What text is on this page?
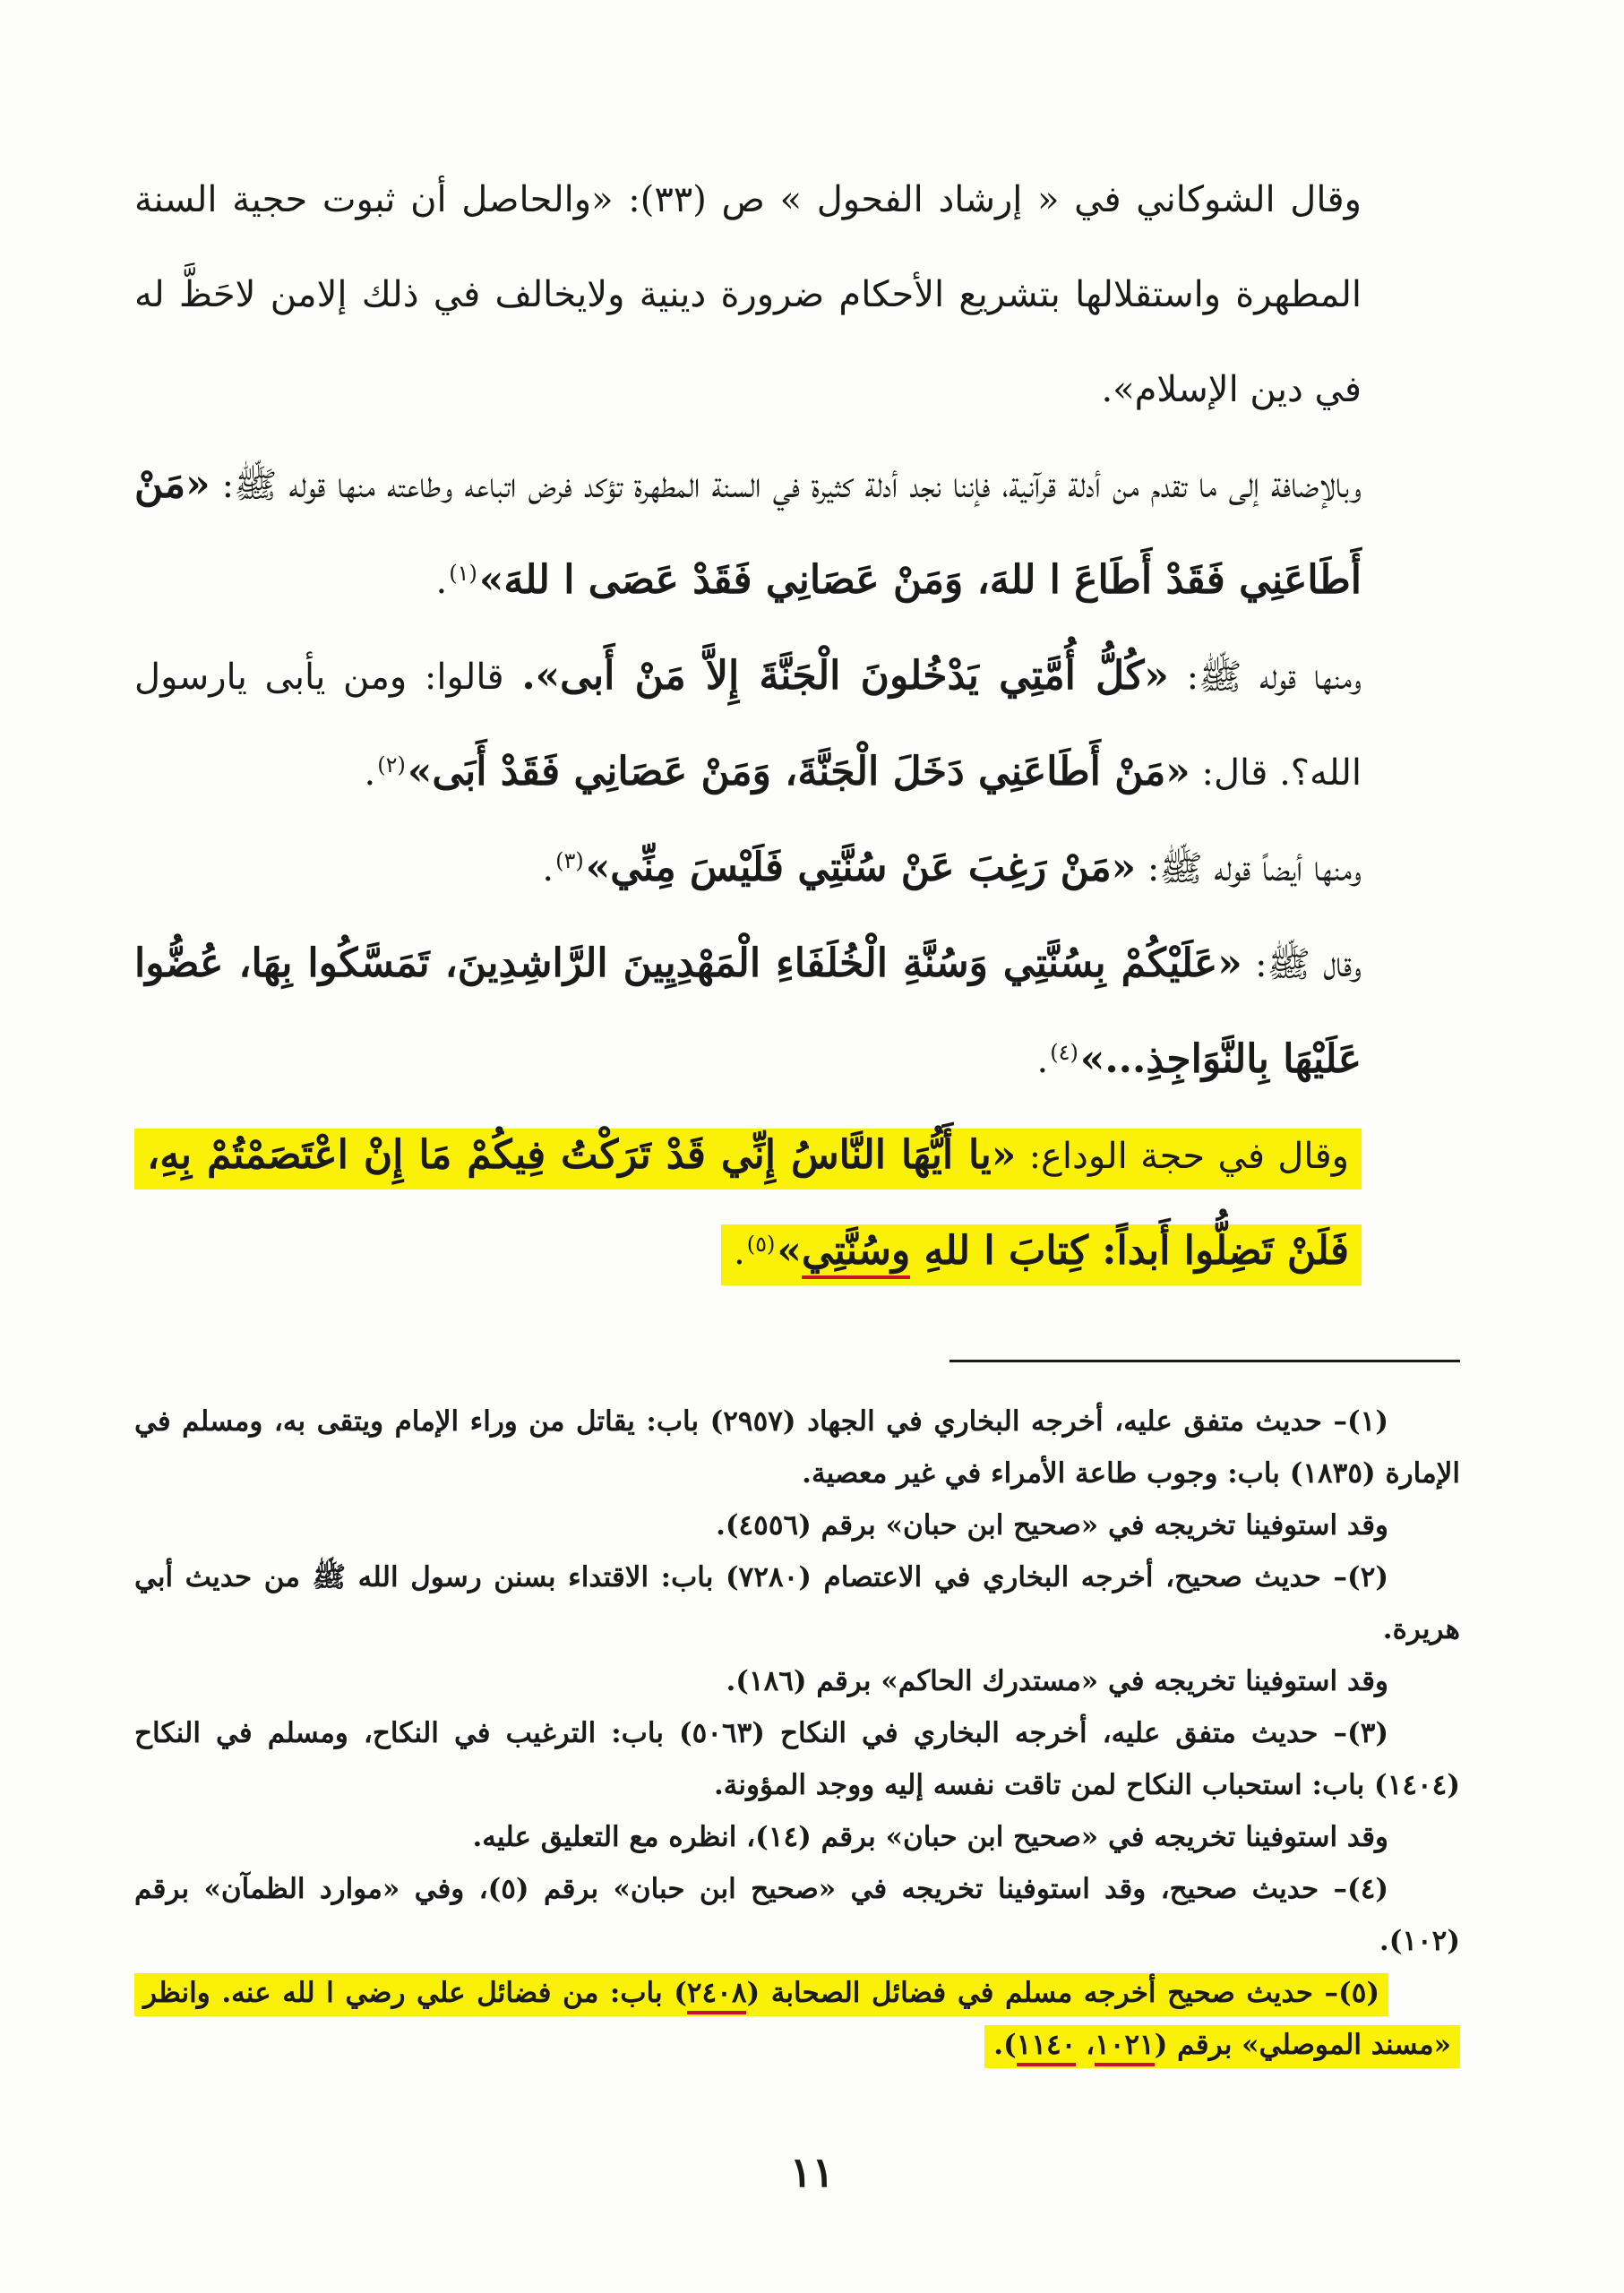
وقال الشوكاني في « إرشاد الفحول » ص (٣٣): «والحاصل أن ثبوت حجية السنة المطهرة واستقلالها بتشريع الأحكام ضرورة دينية ولايخالف في ذلك إلامن لاحَظَّ له في دين الإسلام».

وبالإضافة إلى ما تقدم من أدلة قرآنية، فإننا نجد أدلة كثيرة في السنة المطهرة تؤكد فرض اتباعه وطاعته منها قوله ﷺ: «مَنْ أَطَاعَنِي فَقَدْ أَطَاعَ ا للهَ، وَمَنْ عَصَانِي فَقَدْ عَصَى ا للهَ»$^{(١)}$.

ومنها قوله ﷺ: «كُلُّ أُمَّتِي يَدْخُلونَ الْجَنَّةَ إِلاَّ مَنْ أَبى». قالوا: ومن يأبى يارسول الله؟. قال: «مَنْ أَطَاعَنِي دَخَلَ الْجَنَّةَ، وَمَنْ عَصَانِي فَقَدْ أَبَى»$^{(٢)}$.

ومنها أيضاً قوله ﷺ: «مَنْ رَغِبَ عَنْ سُنَّتِي فَلَيْسَ مِنِّي»$^{(٣)}$.

وقال ﷺ: «عَلَيْكُمْ بِسُنَّتِي وَسُنَّةِ الْخُلَفَاءِ الْمَهْدِيِينَ الرَّاشِدِينَ، تَمَسَّكُوا بِهَا، عُضُّوا عَلَيْهَا بِالنَّوَاجِذِ...»$^{(٤)}$.

وقال في حجة الوداع: «يا أَيُّهَا النَّاسُ إِنِّي قَدْ تَرَكْتُ فِيكُمْ مَا إِنْ اعْتَصَمْتُمْ بِهِ، فَلَنْ تَضِلُّوا أَبداً: كِتابَ ا للهِ وسُنَّتِي»$^{(٥)}$.

(١)– حديث متفق عليه، أخرجه البخاري في الجهاد (٢٩٥٧) باب: يقاتل من وراء الإمام ويتقى به، ومسلم في الإمارة (١٨٣٥) باب: وجوب طاعة الأمراء في غير معصية.

وقد استوفينا تخريجه في «صحيح ابن حبان» برقم (٤٥٥٦).

(٢)– حديث صحيح، أخرجه البخاري في الاعتصام (٧٢٨٠) باب: الاقتداء بسنن رسول الله ﷺ من حديث أبي هريرة.

وقد استوفينا تخريجه في «مستدرك الحاكم» برقم (١٨٦).

(٣)– حديث متفق عليه، أخرجه البخاري في النكاح (٥٠٦٣) باب: الترغيب في النكاح، ومسلم في النكاح (١٤٠٤) باب: استحباب النكاح لمن تاقت نفسه إليه ووجد المؤونة.

وقد استوفينا تخريجه في «صحيح ابن حبان» برقم (١٤)، انظره مع التعليق عليه.

(٤)– حديث صحيح، وقد استوفينا تخريجه في «صحيح ابن حبان» برقم (٥)، وفي «موارد الظمآن» برقم (١٠٢).

(٥)– حديث صحيح أخرجه مسلم في فضائل الصحابة (٢٤٠٨) باب: من فضائل علي رضي ا لله عنه. وانظر «مسند الموصلي» برقم (١٠٢١، ١١٤٠).

١١
